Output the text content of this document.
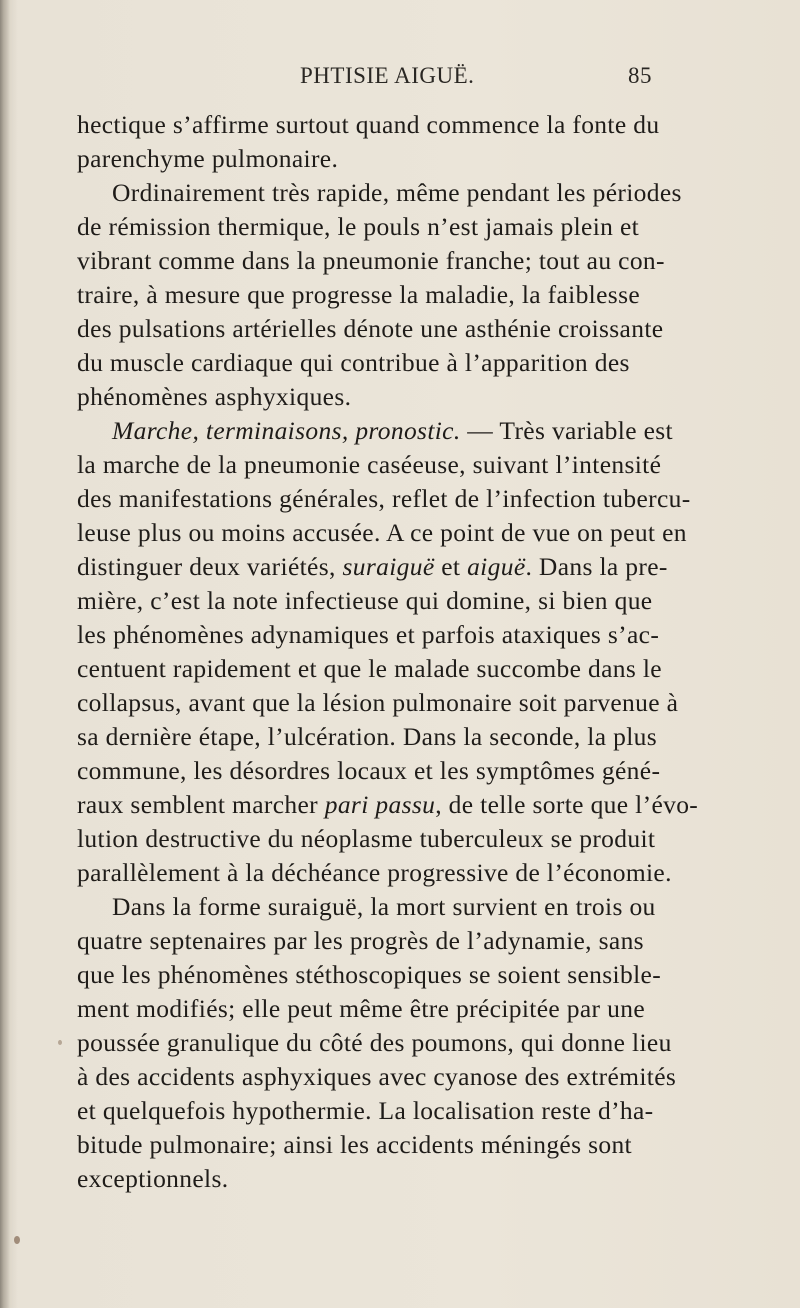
PHTISIE AIGUË.	85
hectique s’affirme surtout quand commence la fonte du
parenchyme pulmonaire.
Ordinairement très rapide, même pendant les périodes
de rémission thermique, le pouls n’est jamais plein et
vibrant comme dans la pneumonie franche; tout au con-
traire, à mesure que progresse la maladie, la faiblesse
des pulsations artérielles dénote une asthénie croissante
du muscle cardiaque qui contribue à l’apparition des
phénomènes asphyxiques.
Marche, terminaisons, pronostic. — Très variable est
la marche de la pneumonie caséeuse, suivant l’intensité
des manifestations générales, reflet de l’infection tubercu-
leuse plus ou moins accusée. A ce point de vue on peut en
distinguer deux variétés, suraiguë et aiguë. Dans la pre-
mière, c’est la note infectieuse qui domine, si bien que
les phénomènes adynamiques et parfois ataxiques s’ac-
centuent rapidement et que le malade succombe dans le
collapsus, avant que la lésion pulmonaire soit parvenue à
sa dernière étape, l’ulcération. Dans la seconde, la plus
commune, les désordres locaux et les symptômes géné-
raux semblent marcher pari passu, de telle sorte que l’évo-
lution destructive du néoplasme tuberculeux se produit
parallèlement à la déchéance progressive de l’économie.
Dans la forme suraiguë, la mort survient en trois ou
quatre septenaires par les progrès de l’adynamie, sans
que les phénomènes stéthoscopiques se soient sensible-
ment modifiés; elle peut même être précipitée par une
poussée granulique du côté des poumons, qui donne lieu
à des accidents asphyxiques avec cyanose des extrémités
et quelquefois hypothermie. La localisation reste d’ha-
bitude pulmonaire; ainsi les accidents méningés sont
exceptionnels.
